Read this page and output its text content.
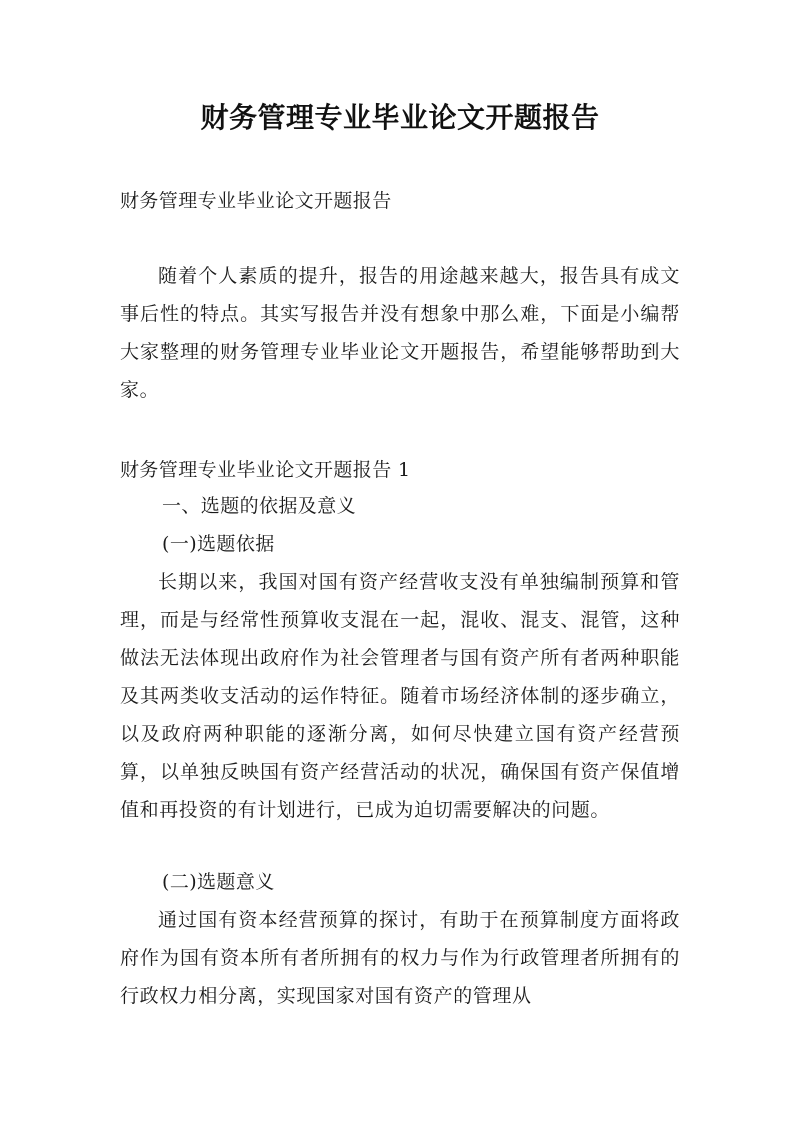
财务管理专业毕业论文开题报告
财务管理专业毕业论文开题报告
随着个人素质的提升，报告的用途越来越大，报告具有成文事后性的特点。其实写报告并没有想象中那么难，下面是小编帮大家整理的财务管理专业毕业论文开题报告，希望能够帮助到大家。
财务管理专业毕业论文开题报告 1
一、选题的依据及意义
(一)选题依据
长期以来，我国对国有资产经营收支没有单独编制预算和管理，而是与经常性预算收支混在一起，混收、混支、混管，这种做法无法体现出政府作为社会管理者与国有资产所有者两种职能及其两类收支活动的运作特征。随着市场经济体制的逐步确立，以及政府两种职能的逐渐分离，如何尽快建立国有资产经营预算，以单独反映国有资产经营活动的状况，确保国有资产保值增值和再投资的有计划进行，已成为迫切需要解决的问题。
(二)选题意义
通过国有资本经营预算的探讨，有助于在预算制度方面将政府作为国有资本所有者所拥有的权力与作为行政管理者所拥有的行政权力相分离，实现国家对国有资产的管理从
